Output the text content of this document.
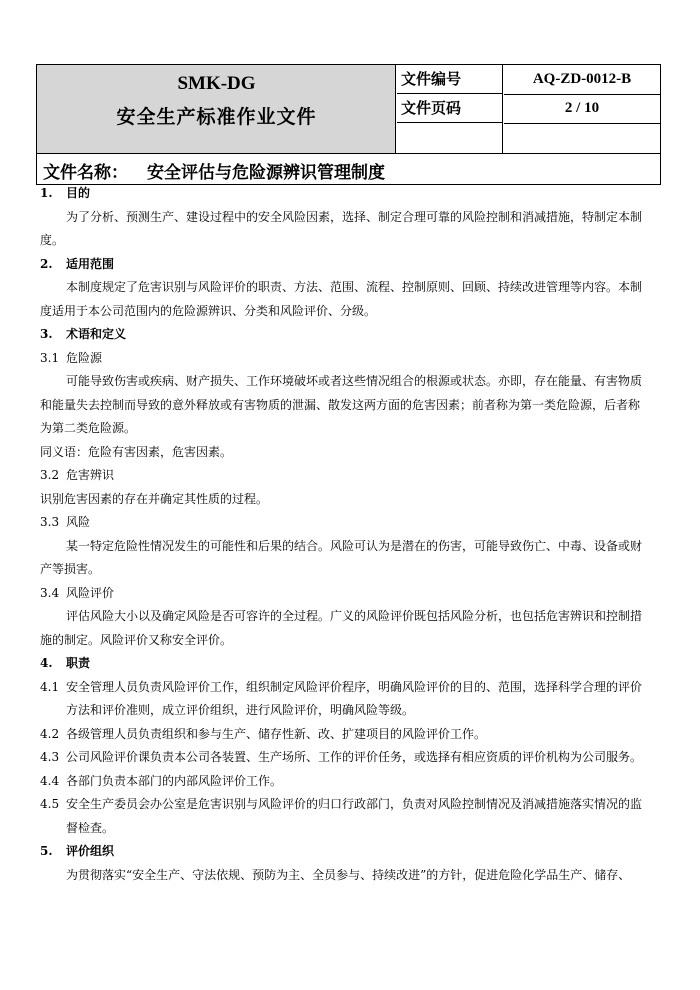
SMK-DG
安全生产标准作业文件
文件编号	AQ-ZD-0012-B
文件页码	2 / 10
文件名称： 安全评估与危险源辨识管理制度

1. 目的

为了分析、预测生产、建设过程中的安全风险因素，选择、制定合理可靠的风险控制和消减措施，特制定本制

度。

2. 适用范围

本制度规定了危害识别与风险评价的职责、方法、范围、流程、控制原则、回顾、持续改进管理等内容。本制

度适用于本公司范围内的危险源辨识、分类和风险评价、分级。

3. 术语和定义

3.1 危险源

可能导致伤害或疾病、财产损失、工作环境破坏或者这些情况组合的根源或状态。亦即，存在能量、有害物质

和能量失去控制而导致的意外释放或有害物质的泄漏、散发这两方面的危害因素；前者称为第一类危险源，后者称

为第二类危险源。

同义语：危险有害因素，危害因素。

3.2 危害辨识

识别危害因素的存在并确定其性质的过程。

3.3 风险

某一特定危险性情况发生的可能性和后果的结合。风险可认为是潜在的伤害，可能导致伤亡、中毒、设备或财

产等损害。

3.4 风险评价

评估风险大小以及确定风险是否可容许的全过程。广义的风险评价既包括风险分析，也包括危害辨识和控制措

施的制定。风险评价又称安全评价。

4. 职责

4.1 安全管理人员负责风险评价工作，组织制定风险评价程序，明确风险评价的目的、范围，选择科学合理的评价

方法和评价准则，成立评价组织，进行风险评价，明确风险等级。

4.2 各级管理人员负责组织和参与生产、储存性新、改、扩建项目的风险评价工作。

4.3 公司风险评价课负责本公司各装置、生产场所、工作的评价任务，或选择有相应资质的评价机构为公司服务。

4.4 各部门负责本部门的内部风险评价工作。

4.5 安全生产委员会办公室是危害识别与风险评价的归口行政部门，负责对风险控制情况及消减措施落实情况的监

督检查。

5. 评价组织

为贯彻落实“安全生产、守法依规、预防为主、全员参与、持续改进”的方针，促进危险化学品生产、储存、
